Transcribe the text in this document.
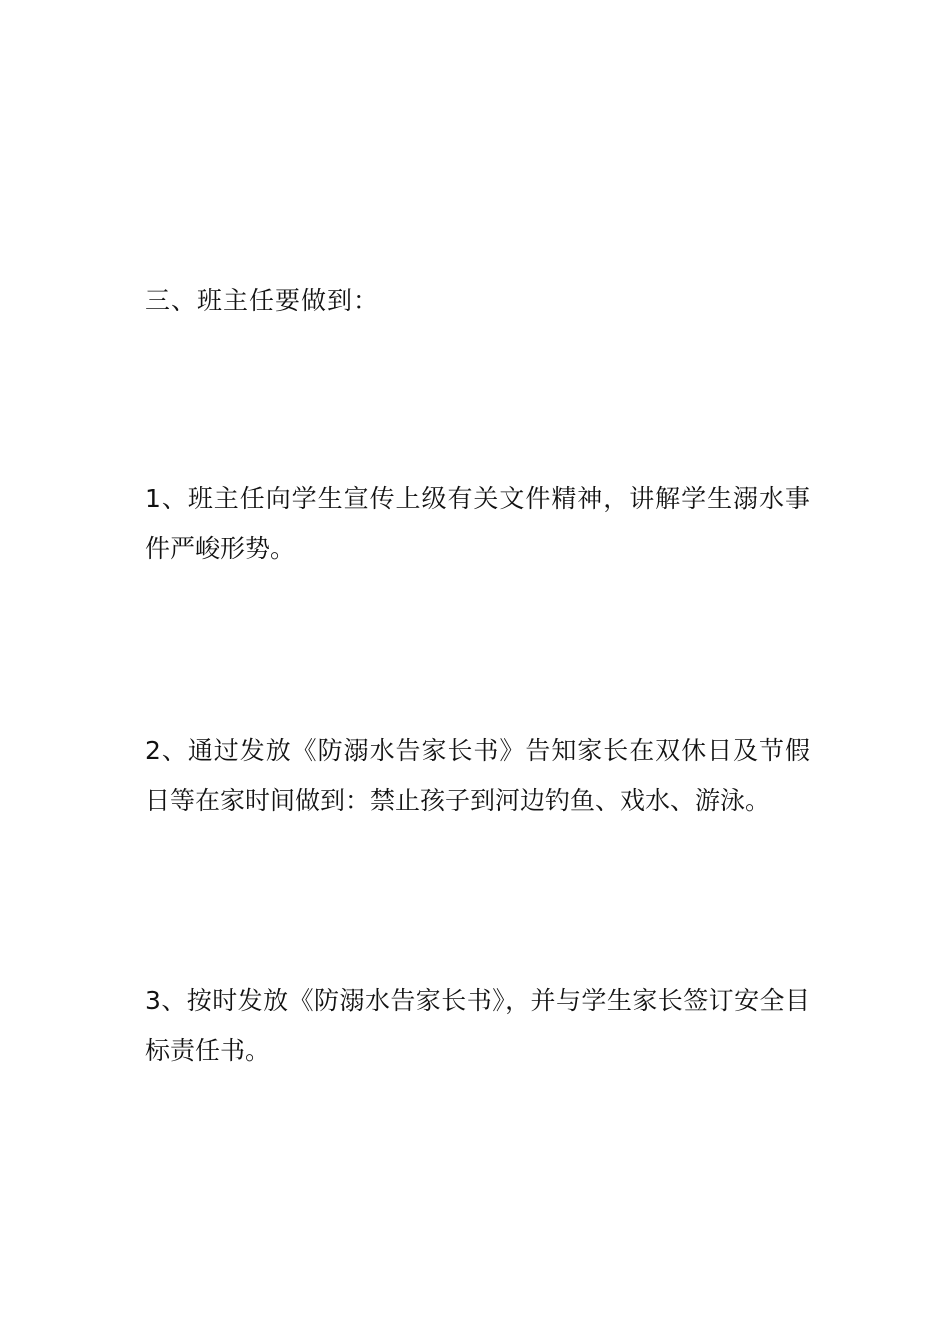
三、班主任要做到：

1、班主任向学生宣传上级有关文件精神，讲解学生溺水事件严峻形势。

2、通过发放《防溺水告家长书》告知家长在双休日及节假日等在家时间做到：禁止孩子到河边钓鱼、戏水、游泳。

3、按时发放《防溺水告家长书》，并与学生家长签订安全目标责任书。
